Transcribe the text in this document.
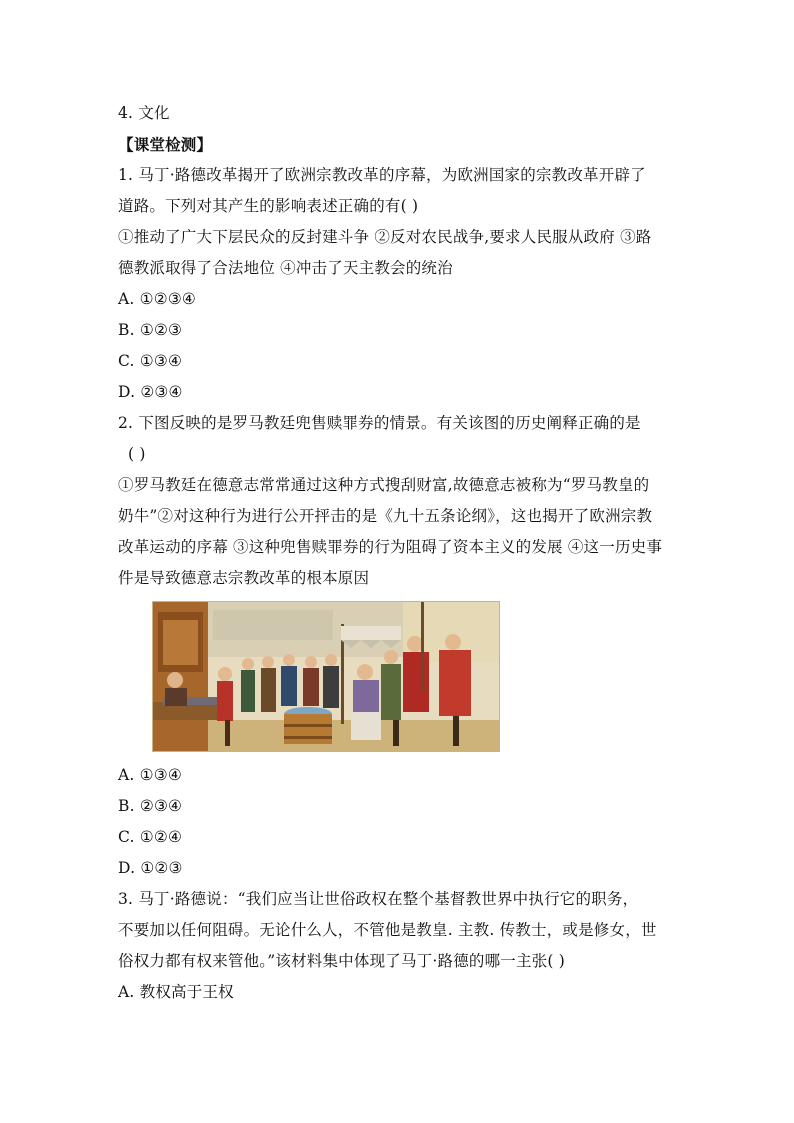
4. 文化
【课堂检测】
1. 马丁·路德改革揭开了欧洲宗教改革的序幕，为欧洲国家的宗教改革开辟了
道路。下列对其产生的影响表述正确的有( )
①推动了广大下层民众的反封建斗争 ②反对农民战争,要求人民服从政府 ③路
德教派取得了合法地位 ④冲击了天主教会的统治
A. ①②③④
B. ①②③
C. ①③④
D. ②③④
2. 下图反映的是罗马教廷兜售赎罪券的情景。有关该图的历史阐释正确的是
( )
①罗马教廷在德意志常常通过这种方式搜刮财富,故德意志被称为“罗马教皇的
奶牛”②对这种行为进行公开抨击的是《九十五条论纲》，这也揭开了欧洲宗教
改革运动的序幕 ③这种兜售赎罪券的行为阻碍了资本主义的发展 ④这一历史事
件是导致德意志宗教改革的根本原因
A. ①③④
B. ②③④
C. ①②④
D. ①②③
3. 马丁·路德说：“我们应当让世俗政权在整个基督教世界中执行它的职务，
不要加以任何阻碍。无论什么人，不管他是教皇. 主教. 传教士，或是修女，世
俗权力都有权来管他。”该材料集中体现了马丁·路德的哪一主张( )
A. 教权高于王权
